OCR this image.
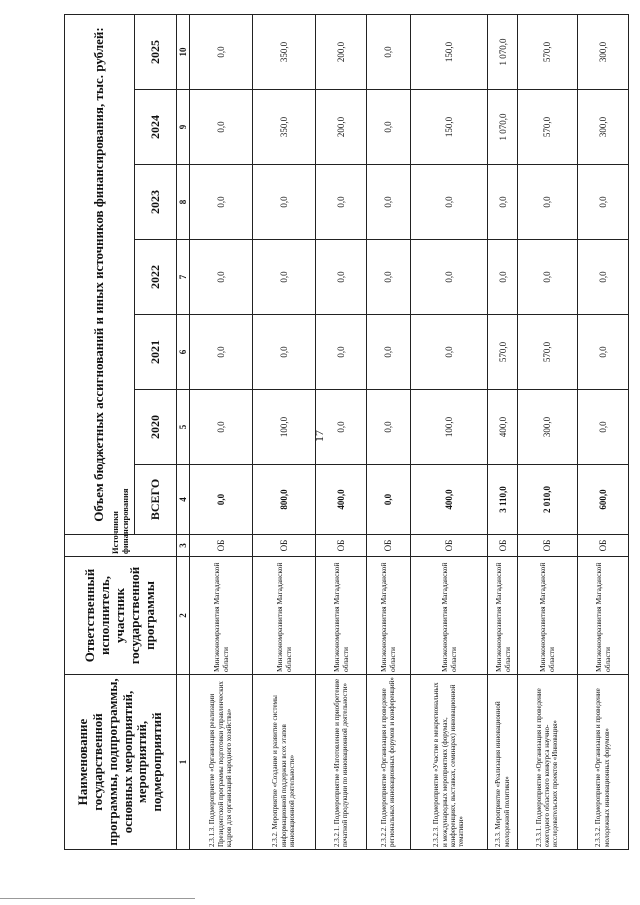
17
Наименование государственной программы, подпрограммы, основных мероприятий, мероприятий, подмероприятий	Ответственный исполнитель, участник государственной программы	Источники финансирования	Объем бюджетных ассигнований и иных источников финансирования, тыс. рублей:						
			ВСЕГО	2020	2021	2022	2023	2024	2025
1	2	3	4	5	6	7	8	9	10
2.3.1.3. Подмероприятие «Организация реализации Президентской программы подготовки управленческих кадров для организаций народного хозяйства»	Минэкономразвития Магаданской области	ОБ	0,0	0,0	0,0	0,0	0,0	0,0	0,0
2.3.2. Мероприятие «Создание и развитие системы информационной поддержки всех этапов инновационной деятельности»	Минэкономразвития Магаданской области	ОБ	800,0	100,0	0,0	0,0	0,0	350,0	350,0
2.3.2.1. Подмероприятие «Изготовление и приобретение печатной продукции по инновационной деятельности»	Минэкономразвития Магаданской области	ОБ	400,0	0,0	0,0	0,0	0,0	200,0	200,0
2.3.2.2. Подмероприятие «Организация и проведение региональных инновационных форумов и конференций»	Минэкономразвития Магаданской области	ОБ	0,0	0,0	0,0	0,0	0,0	0,0	0,0
2.3.2.3. Подмероприятие «Участие в межрегиональных и международных мероприятиях (форумах, конференциях, выставках, семинарах) инновационной тематики»	Минэкономразвития Магаданской области	ОБ	400,0	100,0	0,0	0,0	0,0	150,0	150,0
2.3.3. Мероприятие «Реализация инновационной молодежной политики»	Минэкономразвития Магаданской области	ОБ	3 110,0	400,0	570,0	0,0	0,0	1 070,0	1 070,0
2.3.3.1. Подмероприятие «Организация и проведение ежегодного областного конкурса научно- исследовательских проектов «Инновация»	Минэкономразвития Магаданской области	ОБ	2 010,0	300,0	570,0	0,0	0,0	570,0	570,0
2.3.3.2. Подмероприятие «Организация и проведение молодежных инновационных форумов»	Минэкономразвития Магаданской области	ОБ	600,0	0,0	0,0	0,0	0,0	300,0	300,0
